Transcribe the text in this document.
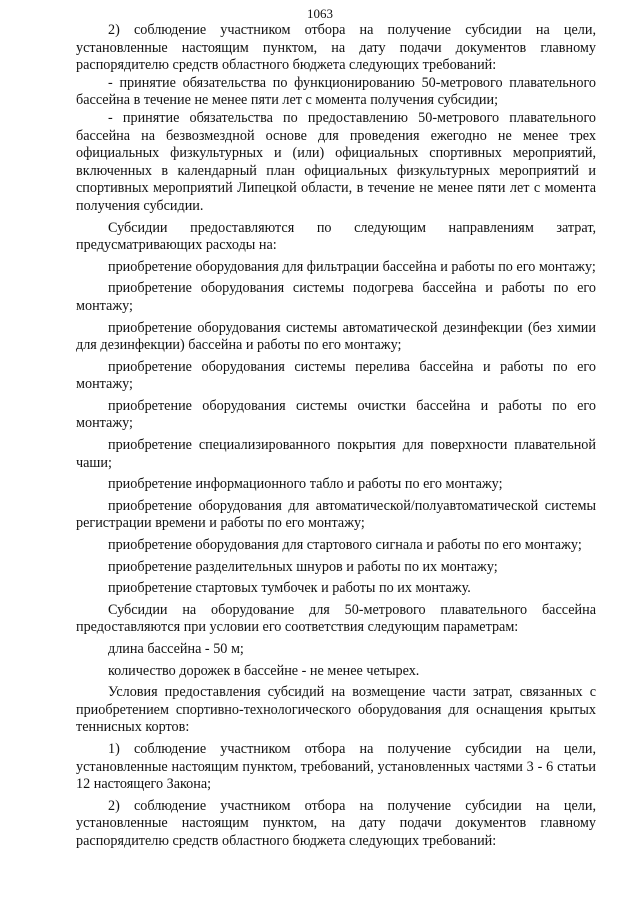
1063

2) соблюдение участником отбора на получение субсидии на цели, установленные настоящим пунктом, на дату подачи документов главному распорядителю средств областного бюджета следующих требований:

- принятие обязательства по функционированию 50-метрового плавательного бассейна в течение не менее пяти лет с момента получения субсидии;

- принятие обязательства по предоставлению 50-метрового плавательного бассейна на безвозмездной основе для проведения ежегодно не менее трех официальных физкультурных и (или) официальных спортивных мероприятий, включенных в календарный план официальных физкультурных мероприятий и спортивных мероприятий Липецкой области, в течение не менее пяти лет с момента получения субсидии.

Субсидии предоставляются по следующим направлениям затрат, предусматривающих расходы на:

приобретение оборудования для фильтрации бассейна и работы по его монтажу;

приобретение оборудования системы подогрева бассейна и работы по его монтажу;

приобретение оборудования системы автоматической дезинфекции (без химии для дезинфекции) бассейна и работы по его монтажу;

приобретение оборудования системы перелива бассейна и работы по его монтажу;

приобретение оборудования системы очистки бассейна и работы по его монтажу;

приобретение специализированного покрытия для поверхности плавательной чаши;

приобретение информационного табло и работы по его монтажу;

приобретение оборудования для автоматической/полуавтоматической системы регистрации времени и работы по его монтажу;

приобретение оборудования для стартового сигнала и работы по его монтажу;

приобретение разделительных шнуров и работы по их монтажу;

приобретение стартовых тумбочек и работы по их монтажу.

Субсидии на оборудование для 50-метрового плавательного бассейна предоставляются при условии его соответствия следующим параметрам:

длина бассейна - 50 м;

количество дорожек в бассейне - не менее четырех.

Условия предоставления субсидий на возмещение части затрат, связанных с приобретением спортивно-технологического оборудования для оснащения крытых теннисных кортов:

1) соблюдение участником отбора на получение субсидии на цели, установленные настоящим пунктом, требований, установленных частями 3 - 6 статьи 12 настоящего Закона;

2) соблюдение участником отбора на получение субсидии на цели, установленные настоящим пунктом, на дату подачи документов главному распорядителю средств областного бюджета следующих требований:
